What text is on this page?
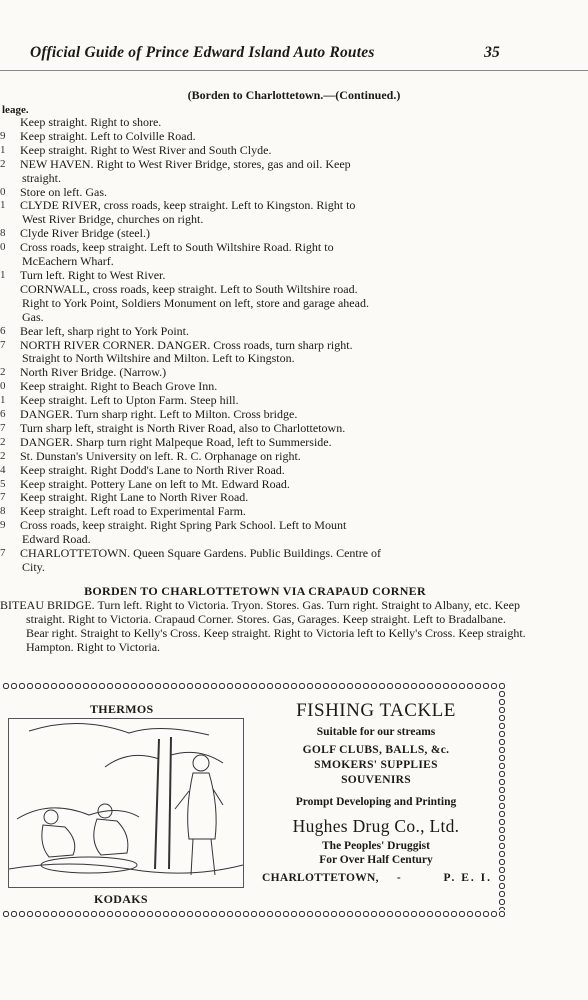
Official Guide of Prince Edward Island Auto Routes	35
(Borden to Charlottetown.—(Continued.)
leage.
Keep straight. Right to shore.
9	Keep straight. Left to Colville Road.
1	Keep straight. Right to West River and South Clyde.
2	NEW HAVEN. Right to West River Bridge, stores, gas and oil. Keep
straight.
0	Store on left. Gas.
1	CLYDE RIVER, cross roads, keep straight. Left to Kingston. Right to
West River Bridge, churches on right.
8	Clyde River Bridge (steel.)
0	Cross roads, keep straight. Left to South Wiltshire Road. Right to
McEachern Wharf.
1	Turn left. Right to West River.
CORNWALL, cross roads, keep straight. Left to South Wiltshire road.
Right to York Point, Soldiers Monument on left, store and garage ahead.
Gas.
6	Bear left, sharp right to York Point.
7	NORTH RIVER CORNER. DANGER. Cross roads, turn sharp right.
Straight to North Wiltshire and Milton. Left to Kingston.
2	North River Bridge. (Narrow.)
0	Keep straight. Right to Beach Grove Inn.
1	Keep straight. Left to Upton Farm. Steep hill.
6	DANGER. Turn sharp right. Left to Milton. Cross bridge.
7	Turn sharp left, straight is North River Road, also to Charlottetown.
2	DANGER. Sharp turn right Malpeque Road, left to Summerside.
2	St. Dunstan's University on left. R. C. Orphanage on right.
4	Keep straight. Right Dodd's Lane to North River Road.
5	Keep straight. Pottery Lane on left to Mt. Edward Road.
7	Keep straight. Right Lane to North River Road.
8	Keep straight. Left road to Experimental Farm.
9	Cross roads, keep straight. Right Spring Park School. Left to Mount
Edward Road.
7	CHARLOTTETOWN. Queen Square Gardens. Public Buildings. Centre of
City.
BORDEN TO CHARLOTTETOWN VIA CRAPAUD CORNER
BITEAU BRIDGE. Turn left. Right to Victoria. Tryon. Stores. Gas. Turn right. Straight to Albany, etc. Keep straight. Right to Victoria. Crapaud Corner. Stores. Gas, Garages. Keep straight. Left to Bradalbane. Bear right. Straight to Kelly's Cross. Keep straight. Right to Victoria left to Kelly's Cross. Keep straight. Hampton. Right to Victoria.
THERMOS
KODAKS
FISHING TACKLE
Suitable for our streams
GOLF CLUBS, BALLS, &c.
SMOKERS' SUPPLIES
SOUVENIRS
Prompt Developing and Printing
Hughes Drug Co., Ltd.
The Peoples' Druggist
For Over Half Century
CHARLOTTETOWN, -	P. E. I.
